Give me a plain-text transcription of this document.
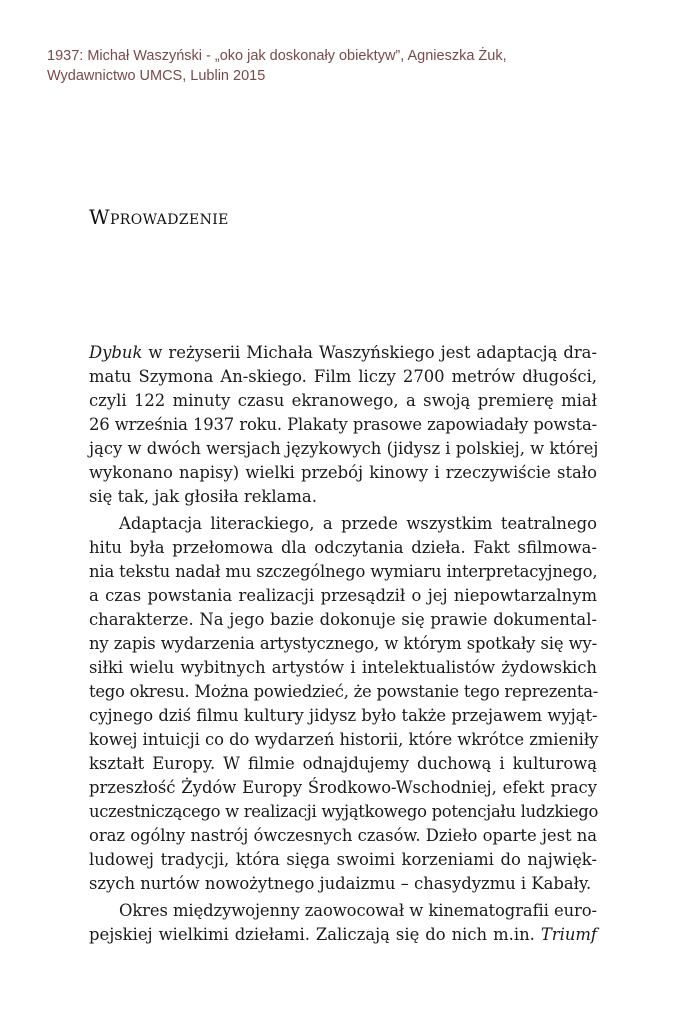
1937: Michał Waszyński - „oko jak doskonały obiektyw”, Agnieszka Żuk,
Wydawnictwo UMCS, Lublin 2015
Wprowadzenie
Dybuk w reżyserii Michała Waszyńskiego jest adaptacją dra-
matu Szymona An-skiego. Film liczy 2700 metrów długości,
czyli 122 minuty czasu ekranowego, a swoją premierę miał
26 września 1937 roku. Plakaty prasowe zapowiadały powsta-
jący w dwóch wersjach językowych (jidysz i polskiej, w której
wykonano napisy) wielki przebój kinowy i rzeczywiście stało
się tak, jak głosiła reklama.
Adaptacja literackiego, a przede wszystkim teatralnego
hitu była przełomowa dla odczytania dzieła. Fakt sfilmowa-
nia tekstu nadał mu szczególnego wymiaru interpretacyjnego,
a czas powstania realizacji przesądził o jej niepowtarzalnym
charakterze. Na jego bazie dokonuje się prawie dokumental-
ny zapis wydarzenia artystycznego, w którym spotkały się wy-
siłki wielu wybitnych artystów i intelektualistów żydowskich
tego okresu. Można powiedzieć, że powstanie tego reprezenta-
cyjnego dziś filmu kultury jidysz było także przejawem wyjąt-
kowej intuicji co do wydarzeń historii, które wkrótce zmieniły
kształt Europy. W filmie odnajdujemy duchową i kulturową
przeszłość Żydów Europy Środkowo-Wschodniej, efekt pracy
uczestniczącego w realizacji wyjątkowego potencjału ludzkiego
oraz ogólny nastrój ówczesnych czasów. Dzieło oparte jest na
ludowej tradycji, która sięga swoimi korzeniami do najwięk-
szych nurtów nowożytnego judaizmu – chasydyzmu i Kabały.
Okres międzywojenny zaowocował w kinematografii euro-
pejskiej wielkimi dziełami. Zaliczają się do nich m.in. Triumf
